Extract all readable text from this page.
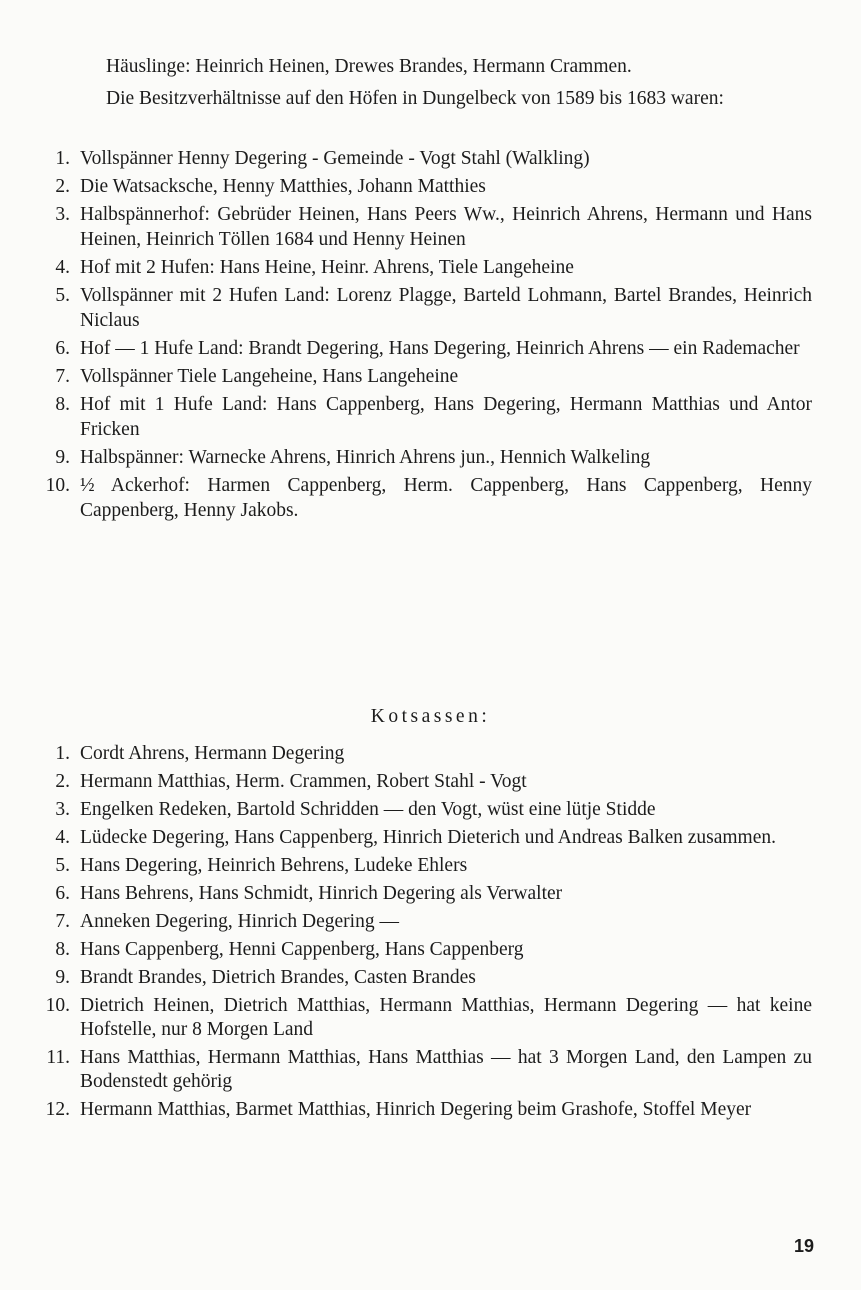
Häuslinge: Heinrich Heinen, Drewes Brandes, Hermann Crammen.
Die Besitzverhältnisse auf den Höfen in Dungelbeck von 1589 bis 1683 waren:
1. Vollspänner Henny Degering - Gemeinde - Vogt Stahl (Walkling)
2. Die Watsacksche, Henny Matthies, Johann Matthies
3. Halbspännerhof: Gebrüder Heinen, Hans Peers Ww., Heinrich Ahrens, Hermann und Hans Heinen, Heinrich Töllen 1684 und Henny Heinen
4. Hof mit 2 Hufen: Hans Heine, Heinr. Ahrens, Tiele Langeheine
5. Vollspänner mit 2 Hufen Land: Lorenz Plagge, Barteld Lohmann, Bartel Brandes, Heinrich Niclaus
6. Hof — 1 Hufe Land: Brandt Degering, Hans Degering, Heinrich Ahrens — ein Rademacher
7. Vollspänner Tiele Langeheine, Hans Langeheine
8. Hof mit 1 Hufe Land: Hans Cappenberg, Hans Degering, Hermann Matthias und Antor Fricken
9. Halbspänner: Warnecke Ahrens, Hinrich Ahrens jun., Hennich Walkeling
10. ½ Ackerhof: Harmen Cappenberg, Herm. Cappenberg, Hans Cappenberg, Henny Cappenberg, Henny Jakobs.
Kotsassen:
1. Cordt Ahrens, Hermann Degering
2. Hermann Matthias, Herm. Crammen, Robert Stahl - Vogt
3. Engelken Redeken, Bartold Schridden — den Vogt, wüst eine lütje Stidde
4. Lüdecke Degering, Hans Cappenberg, Hinrich Dieterich und Andreas Balken zusammen.
5. Hans Degering, Heinrich Behrens, Ludeke Ehlers
6. Hans Behrens, Hans Schmidt, Hinrich Degering als Verwalter
7. Anneken Degering, Hinrich Degering —
8. Hans Cappenberg, Henni Cappenberg, Hans Cappenberg
9. Brandt Brandes, Dietrich Brandes, Casten Brandes
10. Dietrich Heinen, Dietrich Matthias, Hermann Matthias, Hermann Degering — hat keine Hofstelle, nur 8 Morgen Land
11. Hans Matthias, Hermann Matthias, Hans Matthias — hat 3 Morgen Land, den Lampen zu Bodenstedt gehörig
12. Hermann Matthias, Barmet Matthias, Hinrich Degering beim Grashofe, Stoffel Meyer
19
